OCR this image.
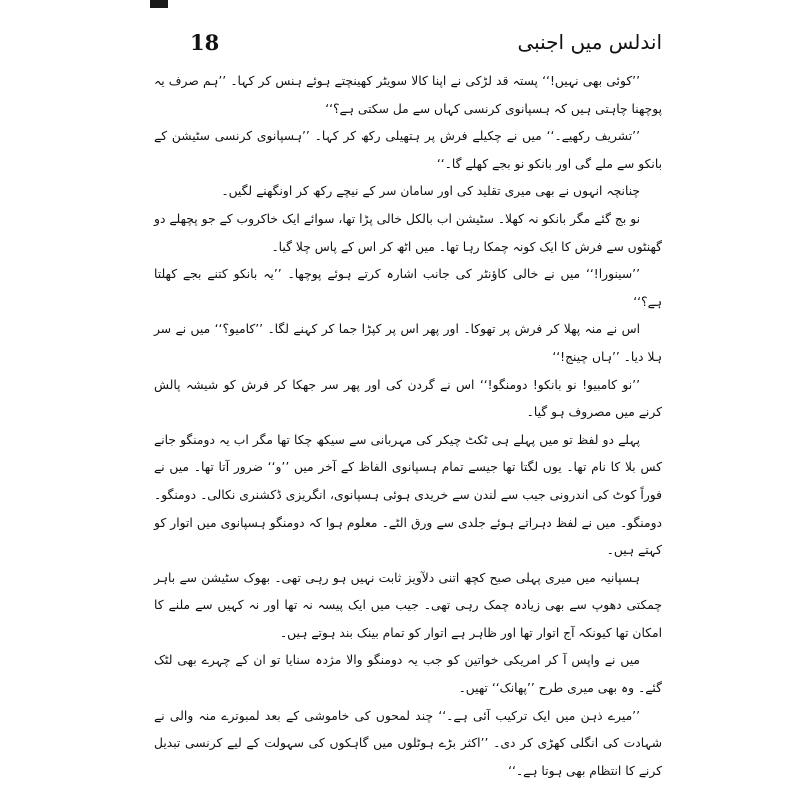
اندلس میں اجنبی
18

’’کوئی بھی نہیں!‘‘ پستہ قد لڑکی نے اپنا کالا سویٹر کھینچتے ہوئے ہنس کر کہا۔ ’’ہم صرف یہ پوچھنا چاہتی ہیں کہ ہسپانوی کرنسی کہاں سے مل سکتی ہے؟‘‘

’’تشریف رکھیے۔‘‘ میں نے چکیلے فرش پر ہتھیلی رکھ کر کہا۔ ’’ہسپانوی کرنسی سٹیشن کے بانکو سے ملے گی اور بانکو نو بجے کھلے گا۔‘‘

چنانچہ انہوں نے بھی میری تقلید کی اور سامان سر کے نیچے رکھ کر اونگھنے لگیں۔

نو بج گئے مگر بانکو نہ کھلا۔ سٹیشن اب بالکل خالی پڑا تھا، سوائے ایک خاکروب کے جو پچھلے دو گھنٹوں سے فرش کا ایک کونہ چمکا رہا تھا۔ میں اٹھ کر اس کے پاس چلا گیا۔

’’سینورا!‘‘ میں نے خالی کاؤنٹر کی جانب اشارہ کرتے ہوئے پوچھا۔ ’’یہ بانکو کتنے بجے کھلتا ہے؟‘‘

اس نے منہ پھلا کر فرش پر تھوکا۔ اور پھر اس پر کپڑا جما کر کہنے لگا۔ ’’کامیو؟‘‘ میں نے سر ہلا دیا۔ ’’ہاں چینج!‘‘

’’نو کامبیو! نو بانکو! دومنگو!‘‘ اس نے گردن کی اور پھر سر جھکا کر فرش کو شیشہ پالش کرنے میں مصروف ہو گیا۔

پہلے دو لفظ تو میں پہلے ہی ٹکٹ چیکر کی مہربانی سے سیکھ چکا تھا مگر اب یہ دومنگو جانے کس بلا کا نام تھا۔ یوں لگتا تھا جیسے تمام ہسپانوی الفاظ کے آخر میں ’’و‘‘ ضرور آتا تھا۔ میں نے فوراً کوٹ کی اندرونی جیب سے لندن سے خریدی ہوئی ہسپانوی، انگریزی ڈکشنری نکالی۔ دومنگو۔ دومنگو۔ میں نے لفظ دہراتے ہوئے جلدی سے ورق الٹے۔ معلوم ہوا کہ دومنگو ہسپانوی میں اتوار کو کہتے ہیں۔

ہسپانیہ میں میری پہلی صبح کچھ اتنی دلآویز ثابت نہیں ہو رہی تھی۔ بھوک سٹیشن سے باہر چمکتی دھوپ سے بھی زیادہ چمک رہی تھی۔ جیب میں ایک پیسہ نہ تھا اور نہ کہیں سے ملنے کا امکان تھا کیونکہ آج اتوار تھا اور ظاہر ہے اتوار کو تمام بینک بند ہوتے ہیں۔

میں نے واپس آ کر امریکی خواتین کو جب یہ دومنگو والا مژدہ سنایا تو ان کے چہرے بھی لٹک گئے۔ وہ بھی میری طرح ’’پھانک‘‘ تھیں۔

’’میرے ذہن میں ایک ترکیب آئی ہے۔‘‘ چند لمحوں کی خاموشی کے بعد لمبوترے منہ والی نے شہادت کی انگلی کھڑی کر دی۔ ’’اکثر بڑے ہوٹلوں میں گاہکوں کی سہولت کے لیے کرنسی تبدیل کرنے کا انتظام بھی ہوتا ہے۔‘‘
